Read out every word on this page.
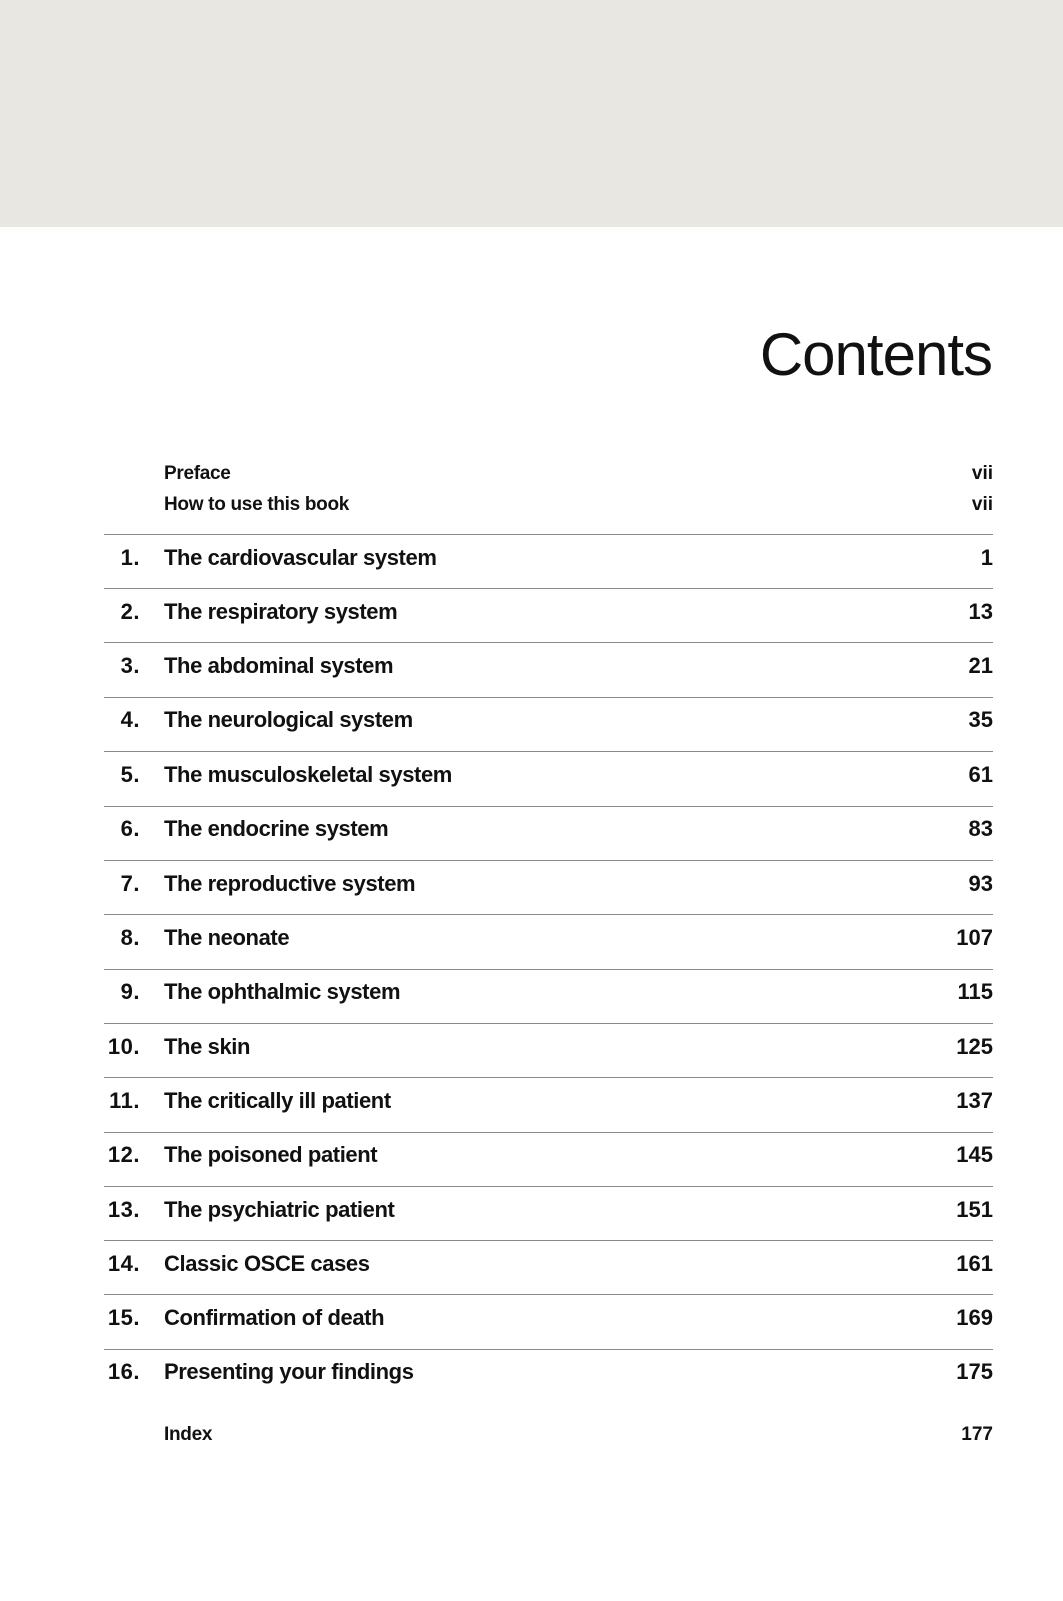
Contents
Preface	vii
How to use this book	vii
1. The cardiovascular system	1
2. The respiratory system	13
3. The abdominal system	21
4. The neurological system	35
5. The musculoskeletal system	61
6. The endocrine system	83
7. The reproductive system	93
8. The neonate	107
9. The ophthalmic system	115
10. The skin	125
11. The critically ill patient	137
12. The poisoned patient	145
13. The psychiatric patient	151
14. Classic OSCE cases	161
15. Confirmation of death	169
16. Presenting your findings	175
Index	177
